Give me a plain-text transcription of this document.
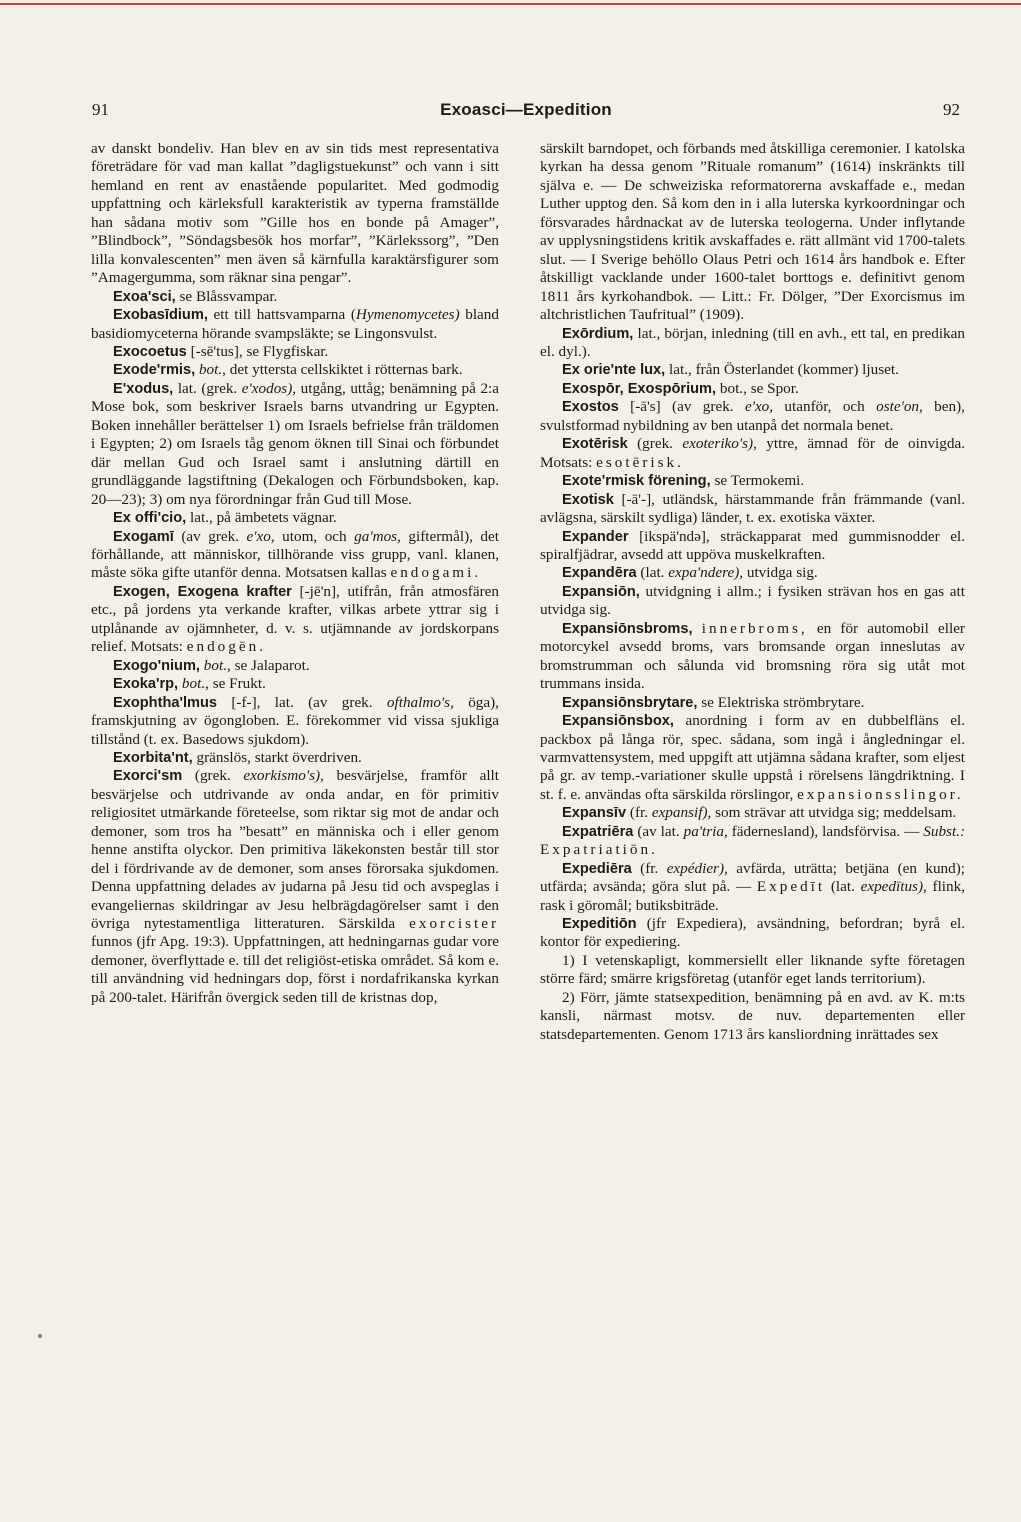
91	Exoasci—Expedition	92

av danskt bondeliv. Han blev en av sin tids mest representativa företrädare för vad man kallat ”dagligstuekunst” och vann i sitt hemland en rent av enastående popularitet. Med godmodig uppfattning och kärleksfull karakteristik av typerna framställde han sådana motiv som ”Gille hos en bonde på Amager”, ”Blindbock”, ”Söndagsbesök hos morfar”, ”Kärlekssorg”, ”Den lilla konvalescenten” men även så kärnfulla karaktärsfigurer som ”Amagergumma, som räknar sina pengar”.

Exoa'sci, se Blåssvampar.

Exobasīdium, ett till hattsvamparna (Hymenomycetes) bland basidiomyceterna hörande svampsläkte; se Lingonsvulst.

Exocoetus [-sē'tus], se Flygfiskar.

Exode'rmis, bot., det yttersta cellskiktet i rötternas bark.

E'xodus, lat. (grek. e'xodos), utgång, uttåg; benämning på 2:a Mose bok, som beskriver Israels barns utvandring ur Egypten. Boken innehåller berättelser 1) om Israels befrielse från träldomen i Egypten; 2) om Israels tåg genom öknen till Sinai och förbundet där mellan Gud och Israel samt i anslutning därtill en grundläggande lagstiftning (Dekalogen och Förbundsboken, kap. 20—23); 3) om nya förordningar från Gud till Mose.

Ex offi'cio, lat., på ämbetets vägnar.

Exogamī (av grek. e'xo, utom, och ga'mos, giftermål), det förhållande, att människor, tillhörande viss grupp, vanl. klanen, måste söka gifte utanför denna. Motsatsen kallas endogami.

Exogen, Exogena krafter [-jē'n], utifrån, från atmosfären etc., på jordens yta verkande krafter, vilkas arbete yttrar sig i utplånande av ojämnheter, d. v. s. utjämnande av jordskorpans relief. Motsats: endogēn.

Exogo'nium, bot., se Jalaparot.

Exoka'rp, bot., se Frukt.

Exophtha'lmus [-f-], lat. (av grek. ofthalmo's, öga), framskjutning av ögongloben. E. förekommer vid vissa sjukliga tillstånd (t. ex. Basedows sjukdom).

Exorbita'nt, gränslös, starkt överdriven.

Exorci'sm (grek. exorkismo's), besvärjelse, framför allt besvärjelse och utdrivande av onda andar, en för primitiv religiositet utmärkande företeelse, som riktar sig mot de andar och demoner, som tros ha ”besatt” en människa och i eller genom henne anstifta olyckor. Den primitiva läkekonsten består till stor del i fördrivande av de demoner, som anses förorsaka sjukdomen. Denna uppfattning delades av judarna på Jesu tid och avspeglas i evangeliernas skildringar av Jesu helbrägdagörelser samt i den övriga nytestamentliga litteraturen. Särskilda exorcister funnos (jfr Apg. 19:3). Uppfattningen, att hedningarnas gudar vore demoner, överflyttade e. till det religiöst-etiska området. Så kom e. till användning vid hedningars dop, först i nordafrikanska kyrkan på 200-talet. Härifrån övergick seden till de kristnas dop,

särskilt barndopet, och förbands med åtskilliga ceremonier. I katolska kyrkan ha dessa genom ”Rituale romanum” (1614) inskränkts till själva e. — De schweiziska reformatorerna avskaffade e., medan Luther upptog den. Så kom den in i alla luterska kyrkoordningar och försvarades hårdnackat av de luterska teologerna. Under inflytande av upplysningstidens kritik avskaffades e. rätt allmänt vid 1700-talets slut. — I Sverige behöllo Olaus Petri och 1614 års handbok e. Efter åtskilligt vacklande under 1600-talet borttogs e. definitivt genom 1811 års kyrkohandbok. — Litt.: Fr. Dölger, ”Der Exorcismus im altchristlichen Taufritual” (1909).

Exōrdium, lat., början, inledning (till en avh., ett tal, en predikan el. dyl.).

Ex orie'nte lux, lat., från Österlandet (kommer) ljuset.

Exospōr, Exospōrium, bot., se Spor.

Exostos [-ā's] (av grek. e'xo, utanför, och oste'on, ben), svulstformad nybildning av ben utanpå det normala benet.

Exotērisk (grek. exoteriko's), yttre, ämnad för de oinvigda. Motsats: esotērisk.

Exote'rmisk förening, se Termokemi.

Exotisk [-ā'-], utländsk, härstammande från främmande (vanl. avlägsna, särskilt sydliga) länder, t. ex. exotiska växter.

Expander [ikspä'ndə], sträckapparat med gummisnodder el. spiralfjädrar, avsedd att uppöva muskelkraften.

Expandēra (lat. expa'ndere), utvidga sig.

Expansiōn, utvidgning i allm.; i fysiken strävan hos en gas att utvidga sig.

Expansiōnsbroms, innerbroms, en för automobil eller motorcykel avsedd broms, vars bromsande organ inneslutas av bromstrumman och sålunda vid bromsning röra sig utåt mot trummans insida.

Expansiōnsbrytare, se Elektriska strömbrytare.

Expansiōnsbox, anordning i form av en dubbelfläns el. packbox på långa rör, spec. sådana, som ingå i ångledningar el. varmvattensystem, med uppgift att utjämna sådana krafter, som eljest på gr. av temp.-variationer skulle uppstå i rörelsens längdriktning. I st. f. e. användas ofta särskilda rörslingor, expansionsslingor.

Expansīv (fr. expansif), som strävar att utvidga sig; meddelsam.

Expatriēra (av lat. pa'tria, fädernesland), landsförvisa. — Subst.: Expatriatiōn.

Expediēra (fr. expédier), avfärda, uträtta; betjäna (en kund); utfärda; avsända; göra slut på. — Expedīt (lat. expedītus), flink, rask i göromål; butiksbiträde.

Expeditiōn (jfr Expediera), avsändning, befordran; byrå el. kontor för expediering.

1) I vetenskapligt, kommersiellt eller liknande syfte företagen större färd; smärre krigsföretag (utanför eget lands territorium).

2) Förr, jämte statsexpedition, benämning på en avd. av K. m:ts kansli, närmast motsv. de nuv. departementen eller statsdepartementen. Genom 1713 års kansliordning inrättades sex
